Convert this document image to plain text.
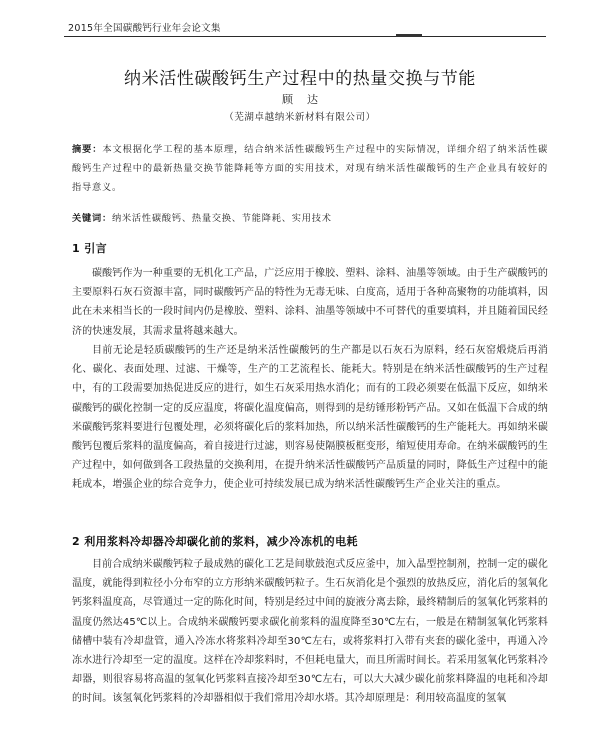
2015年全国碳酸钙行业年会论文集
纳米活性碳酸钙生产过程中的热量交换与节能
顾达
（芜湖卓越纳米新材料有限公司）
摘要：本文根据化学工程的基本原理，结合纳米活性碳酸钙生产过程中的实际情况，详细介绍了纳米活性碳酸钙生产过程中的最新热量交换节能降耗等方面的实用技术，对现有纳米活性碳酸钙的生产企业具有较好的指导意义。
关键词：纳米活性碳酸钙、热量交换、节能降耗、实用技术
1 引言
碳酸钙作为一种重要的无机化工产品，广泛应用于橡胶、塑料、涂料、油墨等领域。由于生产碳酸钙的主要原料石灰石资源丰富，同时碳酸钙产品的特性为无毒无味、白度高，适用于各种高聚物的功能填料，因此在未来相当长的一段时间内仍是橡胶、塑料、涂料、油墨等领域中不可替代的重要填料，并且随着国民经济的快速发展，其需求量将越来越大。
目前无论是轻质碳酸钙的生产还是纳米活性碳酸钙的生产都是以石灰石为原料，经石灰窑煅烧后再消化、碳化、表面处理、过滤、干燥等，生产的工艺流程长、能耗大。特别是在纳米活性碳酸钙的生产过程中，有的工段需要加热促进反应的进行，如生石灰采用热水消化；而有的工段必须要在低温下反应，如纳米碳酸钙的碳化控制一定的反应温度，将碳化温度偏高，则得到的是纺锤形粉钙产品。又如在低温下合成的纳米碳酸钙浆料要进行包覆处理，必须将碳化后的浆料加热，所以纳米活性碳酸钙的生产能耗大。再如纳米碳酸钙包覆后浆料的温度偏高，着自接进行过滤，则容易使隔膜板框变形，缩短使用寿命。在纳米碳酸钙的生产过程中，如何做到各工段热量的交换利用，在提升纳米活性碳酸钙产品质量的同时，降低生产过程中的能耗成本，增强企业的综合竞争力，使企业可持续发展已成为纳米活性碳酸钙生产企业关注的重点。
2 利用浆料冷却器冷却碳化前的浆料，减少冷冻机的电耗
目前合成纳米碳酸钙粒子最成熟的碳化工艺是间歇鼓泡式反应釜中，加入晶型控制剂，控制一定的碳化温度，就能得到粒径小分布窄的立方形纳米碳酸钙粒子。生石灰消化是个强烈的放热反应，消化后的氢氧化钙浆料温度高，尽管通过一定的陈化时间，特别是经过中间的旋液分离去除，最终精制后的氢氧化钙浆料的温度仍然达45℃以上。合成纳米碳酸钙要求碳化前浆料的温度降至30℃左右，一般是在精制氢氧化钙浆料储槽中装有冷却盘管，通入冷冻水将浆料冷却至30℃左右，或将浆料打入带有夹套的碳化釜中，再通入冷冻水进行冷却至一定的温度。这样在冷却浆料时，不但耗电量大，而且所需时间长。若采用氢氧化钙浆料冷却器，则很容易将高温的氢氧化钙浆料直接冷却至30℃左右，可以大大减少碳化前浆料降温的电耗和冷却的时间。该氢氧化钙浆料的冷却器相似于我们常用冷却水塔。其冷却原理是：利用较高温度的氢氧
